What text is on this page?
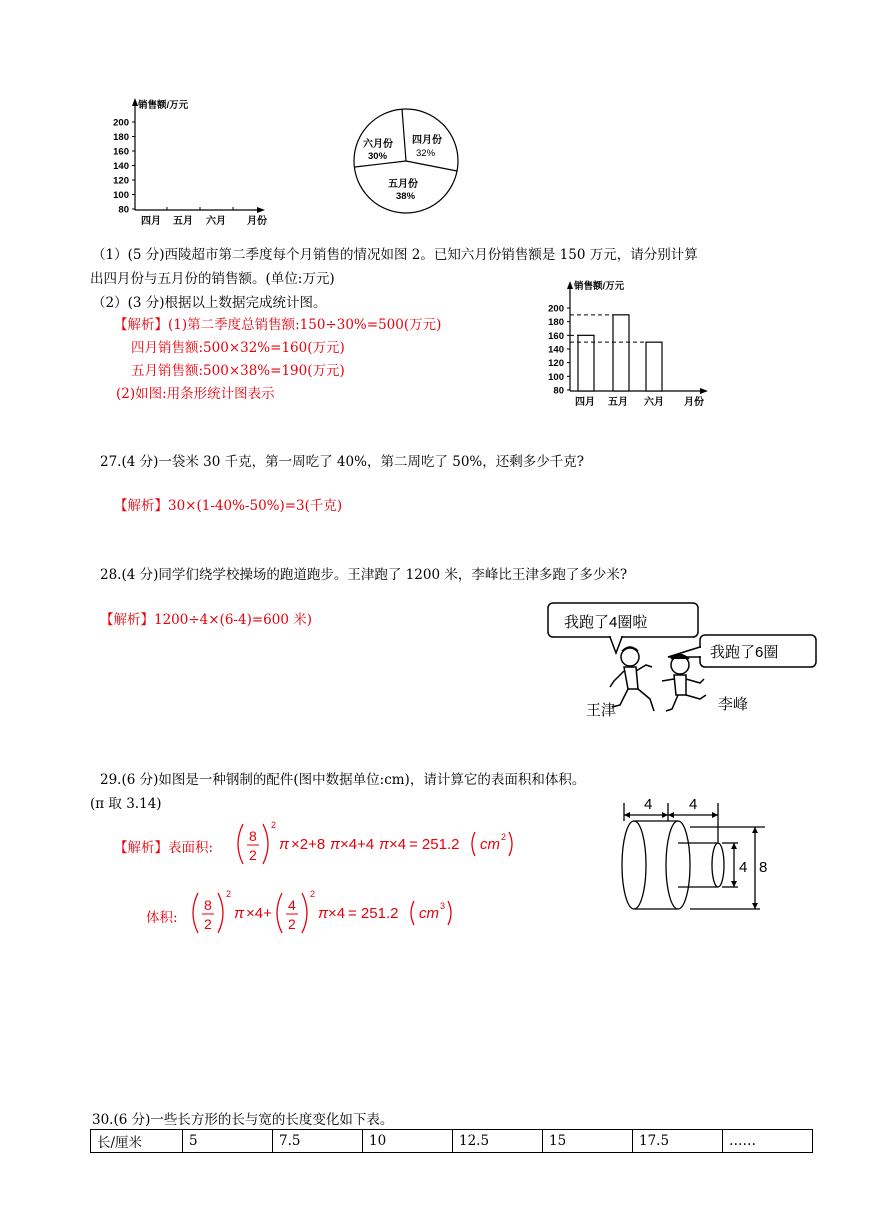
销售额/万元
200
180
160
140
120
100
80
四月 五月 六月 月份
四月份
32%
六月份
30%
五月份
38%
（1）(5 分)西陵超市第二季度每个月销售的情况如图 2。已知六月份销售额是 150 万元，请分别计算
出四月份与五月份的销售额。(单位:万元)
（2）(3 分)根据以上数据完成统计图。
【解析】(1)第二季度总销售额:150÷30%=500(万元)
四月销售额:500×32%=160(万元)
五月销售额:500×38%=190(万元)
(2)如图:用条形统计图表示
销售额/万元
200
180
160
140
120
100
80
四月 五月 六月 月份
27.(4 分)一袋米 30 千克，第一周吃了 40%，第二周吃了 50%，还剩多少千克?
【解析】30×(1-40%-50%)=3(千克)
28.(4 分)同学们绕学校操场的跑道跑步。王津跑了 1200 米，李峰比王津多跑了多少米?
【解析】1200÷4×(6-4)=600 米)	我跑了4圈啦
我跑了6圈
王津	李峰
29.(6 分)如图是一种钢制的配件(图中数据单位:cm)，请计算它的表面积和体积。
(π 取 3.14)
【解析】表面积:
8
2
2
π ×2+8 π ×4+4 π ×4 = 251.2 cm 2
体积:
8
2
2
π ×4+ 4
2
2
π ×4 = 251.2 cm 3
4 4
4 8
30.(6 分)一些长方形的长与宽的长度变化如下表。
长/厘米	5	7.5	10	12.5	15	17.5	……
